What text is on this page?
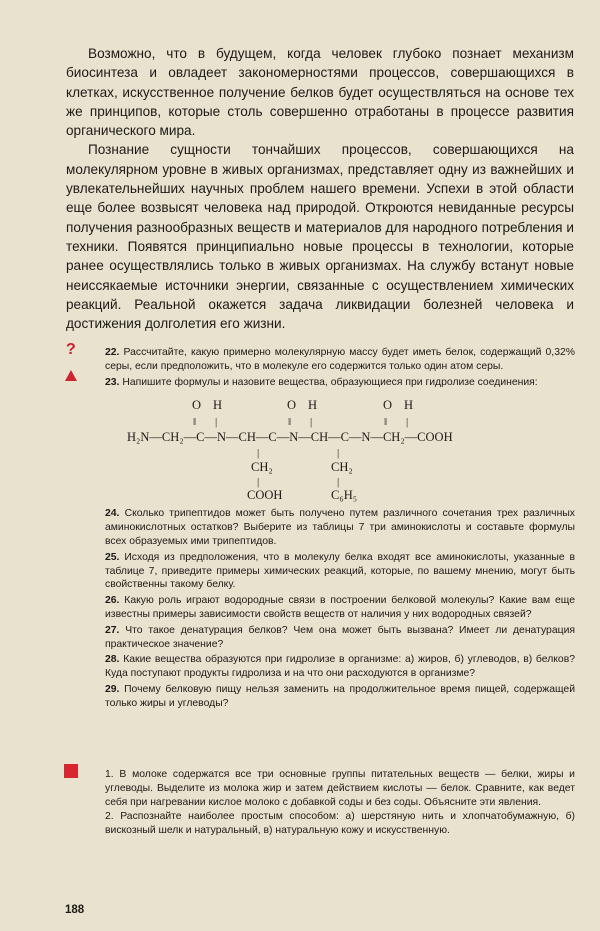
Возможно, что в будущем, когда человек глубоко познает механизм биосинтеза и овладеет закономерностями процессов, совершающихся в клетках, искусственное получение белков будет осуществляться на основе тех же принципов, которые столь совершенно отработаны в процессе развития органического мира.

Познание сущности тончайших процессов, совершающихся на молекулярном уровне в живых организмах, представляет одну из важнейших и увлекательнейших научных проблем нашего времени. Успехи в этой области еще более возвысят человека над природой. Откроются невиданные ресурсы получения разнообразных веществ и материалов для народного потребления и техники. Появятся принципиально новые процессы в технологии, которые ранее осуществлялись только в живых организмах. На службу встанут новые неиссякаемые источники энергии, связанные с осуществлением химических реакций. Реальной окажется задача ликвидации болезней человека и достижения долголетия его жизни.

?	22. Рассчитайте, какую примерно молекулярную массу будет иметь белок, содержащий 0,32% серы, если предположить, что в молекуле его содержится только один атом серы.
23. Напишите формулы и назовите вещества, образующиеся при гидролизе соединения:
O H	O H	O H
‖ |	‖ |	‖ |
H₂N—CH₂—C—N—CH—C—N—CH—C—N—CH₂—COOH
|	|
CH₂	CH₂
|	|
COOH	C₆H₅
24. Сколько трипептидов может быть получено путем различного сочетания трех различных аминокислотных остатков? Выберите из таблицы 7 три аминокислоты и составьте формулы всех образуемых ими трипептидов.
25. Исходя из предположения, что в молекулу белка входят все аминокислоты, указанные в таблице 7, приведите примеры химических реакций, которые, по вашему мнению, могут быть свойственны такому белку.
26. Какую роль играют водородные связи в построении белковой молекулы? Какие вам еще известны примеры зависимости свойств веществ от наличия у них водородных связей?
27. Что такое денатурация белков? Чем она может быть вызвана? Имеет ли денатурация практическое значение?
28. Какие вещества образуются при гидролизе в организме: а) жиров, б) углеводов, в) белков? Куда поступают продукты гидролиза и на что они расходуются в организме?
29. Почему белковую пищу нельзя заменить на продолжительное время пищей, содержащей только жиры и углеводы?

1. В молоке содержатся все три основные группы питательных веществ — белки, жиры и углеводы. Выделите из молока жир и затем действием кислоты — белок. Сравните, как ведет себя при нагревании кислое молоко с добавкой соды и без соды. Объясните эти явления.

2. Распознайте наиболее простым способом: а) шерстяную нить и хлопчатобумажную, б) вискозный шелк и натуральный, в) натуральную кожу и искусственную.

188
